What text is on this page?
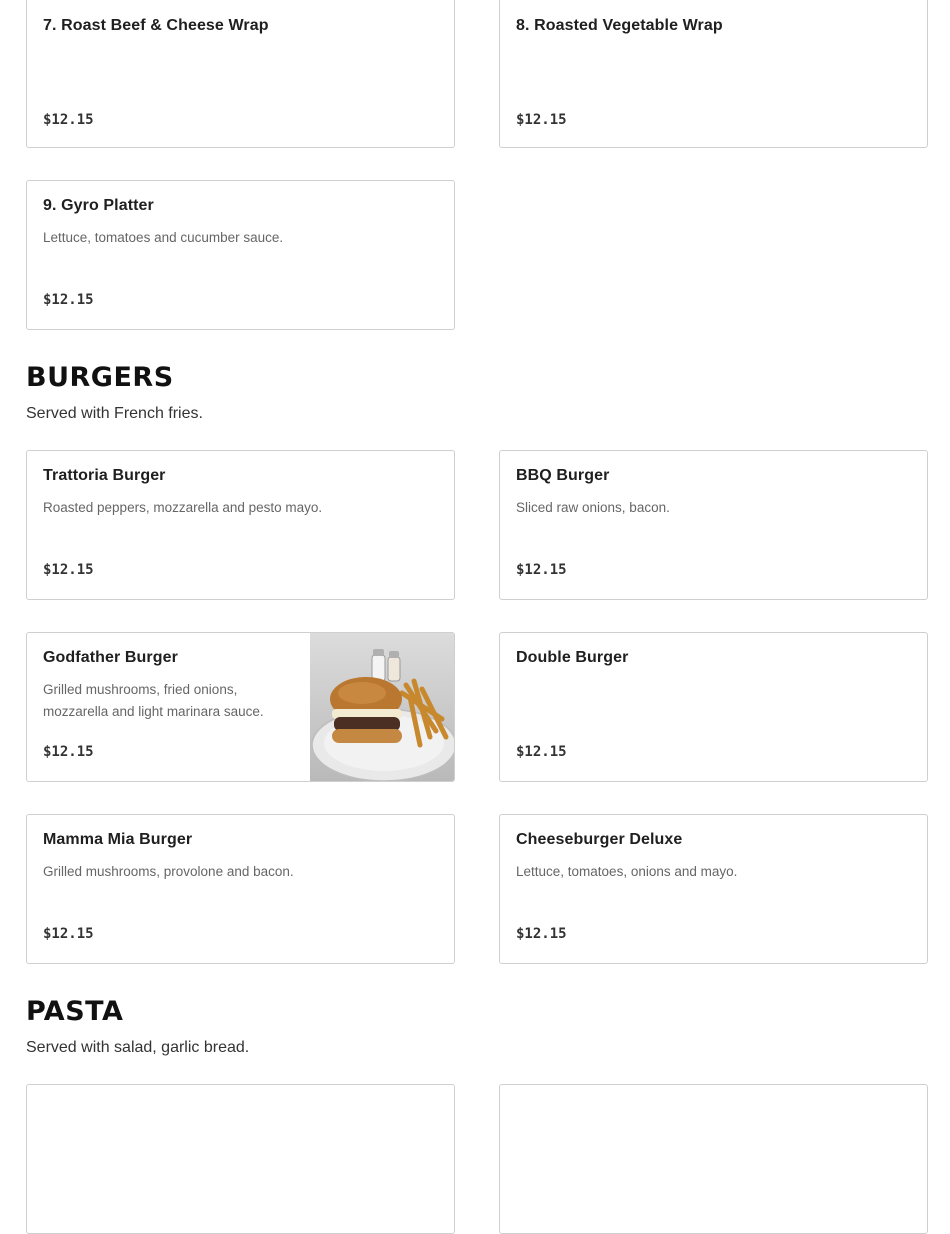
7. Roast Beef & Cheese Wrap
$12.15
8. Roasted Vegetable Wrap
$12.15
9. Gyro Platter
Lettuce, tomatoes and cucumber sauce.
$12.15
BURGERS
Served with French fries.
Trattoria Burger
Roasted peppers, mozzarella and pesto mayo.
$12.15
BBQ Burger
Sliced raw onions, bacon.
$12.15
Godfather Burger
Grilled mushrooms, fried onions, mozzarella and light marinara sauce.
$12.15
Double Burger
$12.15
Mamma Mia Burger
Grilled mushrooms, provolone and bacon.
$12.15
Cheeseburger Deluxe
Lettuce, tomatoes, onions and mayo.
$12.15
PASTA
Served with salad, garlic bread.
